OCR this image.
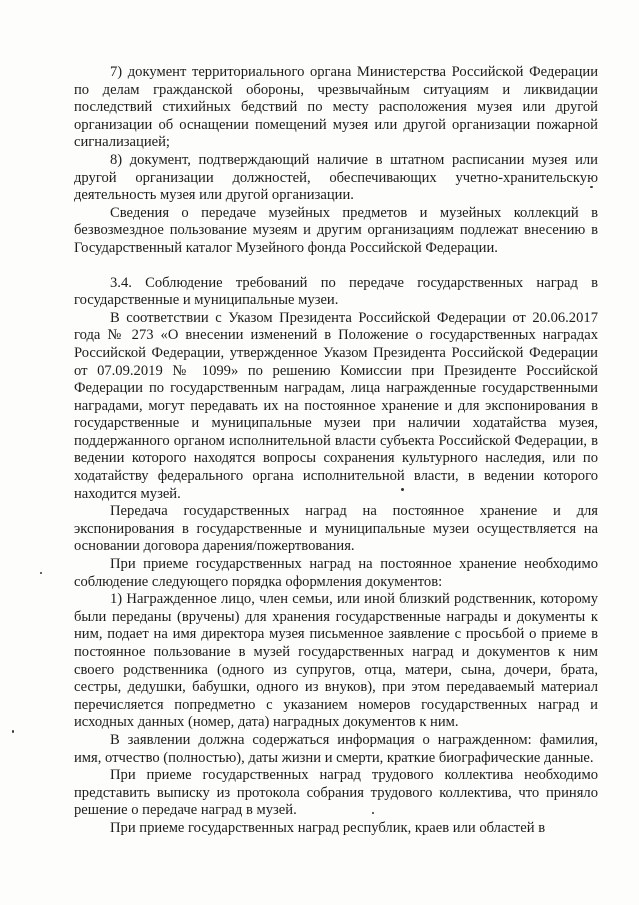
7) документ территориального органа Министерства Российской Федерации по делам гражданской обороны, чрезвычайным ситуациям и ликвидации последствий стихийных бедствий по месту расположения музея или другой организации об оснащении помещений музея или другой организации пожарной сигнализацией;

8) документ, подтверждающий наличие в штатном расписании музея или другой организации должностей, обеспечивающих учетно-хранительскую деятельность музея или другой организации.

Сведения о передаче музейных предметов и музейных коллекций в безвозмездное пользование музеям и другим организациям подлежат внесению в Государственный каталог Музейного фонда Российской Федерации.

3.4. Соблюдение требований по передаче государственных наград в государственные и муниципальные музеи.

В соответствии с Указом Президента Российской Федерации от 20.06.2017 года № 273 «О внесении изменений в Положение о государственных наградах Российской Федерации, утвержденное Указом Президента Российской Федерации от 07.09.2019 № 1099» по решению Комиссии при Президенте Российской Федерации по государственным наградам, лица награжденные государственными наградами, могут передавать их на постоянное хранение и для экспонирования в государственные и муниципальные музеи при наличии ходатайства музея, поддержанного органом исполнительной власти субъекта Российской Федерации, в ведении которого находятся вопросы сохранения культурного наследия, или по ходатайству федерального органа исполнительной власти, в ведении которого находится музей.

Передача государственных наград на постоянное хранение и для экспонирования в государственные и муниципальные музеи осуществляется на основании договора дарения/пожертвования.

При приеме государственных наград на постоянное хранение необходимо соблюдение следующего порядка оформления документов:

1) Награжденное лицо, член семьи, или иной близкий родственник, которому были переданы (вручены) для хранения государственные награды и документы к ним, подает на имя директора музея письменное заявление с просьбой о приеме в постоянное пользование в музей государственных наград и документов к ним своего родственника (одного из супругов, отца, матери, сына, дочери, брата, сестры, дедушки, бабушки, одного из внуков), при этом передаваемый материал перечисляется попредметно с указанием номеров государственных наград и исходных данных (номер, дата) наградных документов к ним.

В заявлении должна содержаться информация о награжденном: фамилия, имя, отчество (полностью), даты жизни и смерти, краткие биографические данные.

При приеме государственных наград трудового коллектива необходимо представить выписку из протокола собрания трудового коллектива, что приняло решение о передаче наград в музей.

При приеме государственных наград республик, краев или областей в
